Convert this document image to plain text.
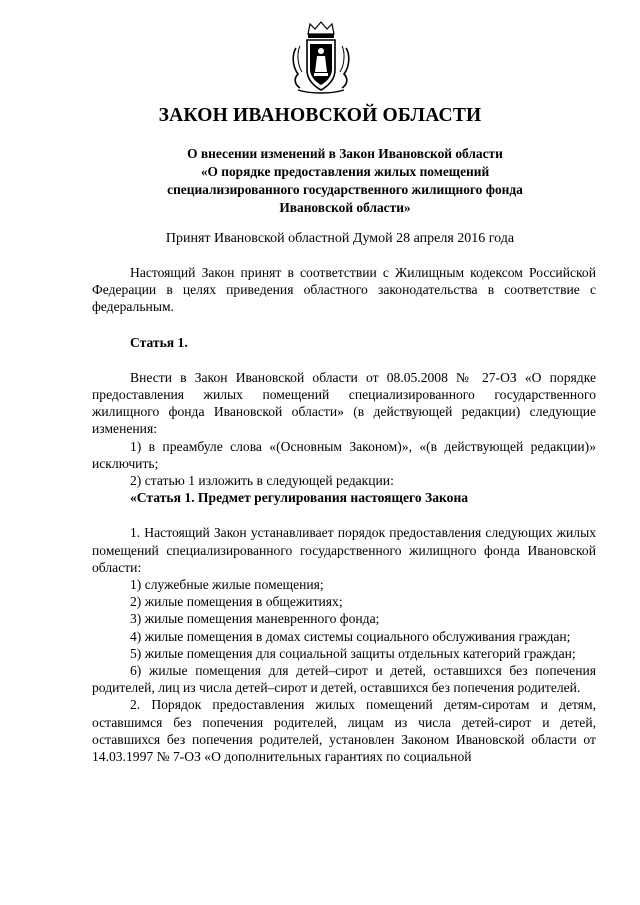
ЗАКОН ИВАНОВСКОЙ ОБЛАСТИ
О внесении изменений в Закон Ивановской области
«О порядке предоставления жилых помещений
специализированного государственного жилищного фонда
Ивановской области»
Принят Ивановской областной Думой 28 апреля 2016 года

Настоящий Закон принят в соответствии с Жилищным кодексом Российской Федерации в целях приведения областного законодательства в соответствие с федеральным.

Статья 1.

Внести в Закон Ивановской области от 08.05.2008 № 27-ОЗ «О порядке предоставления жилых помещений специализированного государственного жилищного фонда Ивановской области» (в действующей редакции) следующие изменения:

1) в преамбуле слова «(Основным Законом)», «(в действующей редакции)» исключить;

2) статью 1 изложить в следующей редакции:

«Статья 1. Предмет регулирования настоящего Закона

1. Настоящий Закон устанавливает порядок предоставления следующих жилых помещений специализированного государственного жилищного фонда Ивановской области:

1) служебные жилые помещения;

2) жилые помещения в общежитиях;

3) жилые помещения маневренного фонда;

4) жилые помещения в домах системы социального обслуживания граждан;

5) жилые помещения для социальной защиты отдельных категорий граждан;

6) жилые помещения для детей–сирот и детей, оставшихся без попечения родителей, лиц из числа детей–сирот и детей, оставшихся без попечения родителей.

2. Порядок предоставления жилых помещений детям-сиротам и детям, оставшимся без попечения родителей, лицам из числа детей-сирот и детей, оставшихся без попечения родителей, установлен Законом Ивановской области от 14.03.1997 № 7-ОЗ «О дополнительных гарантиях по социальной
